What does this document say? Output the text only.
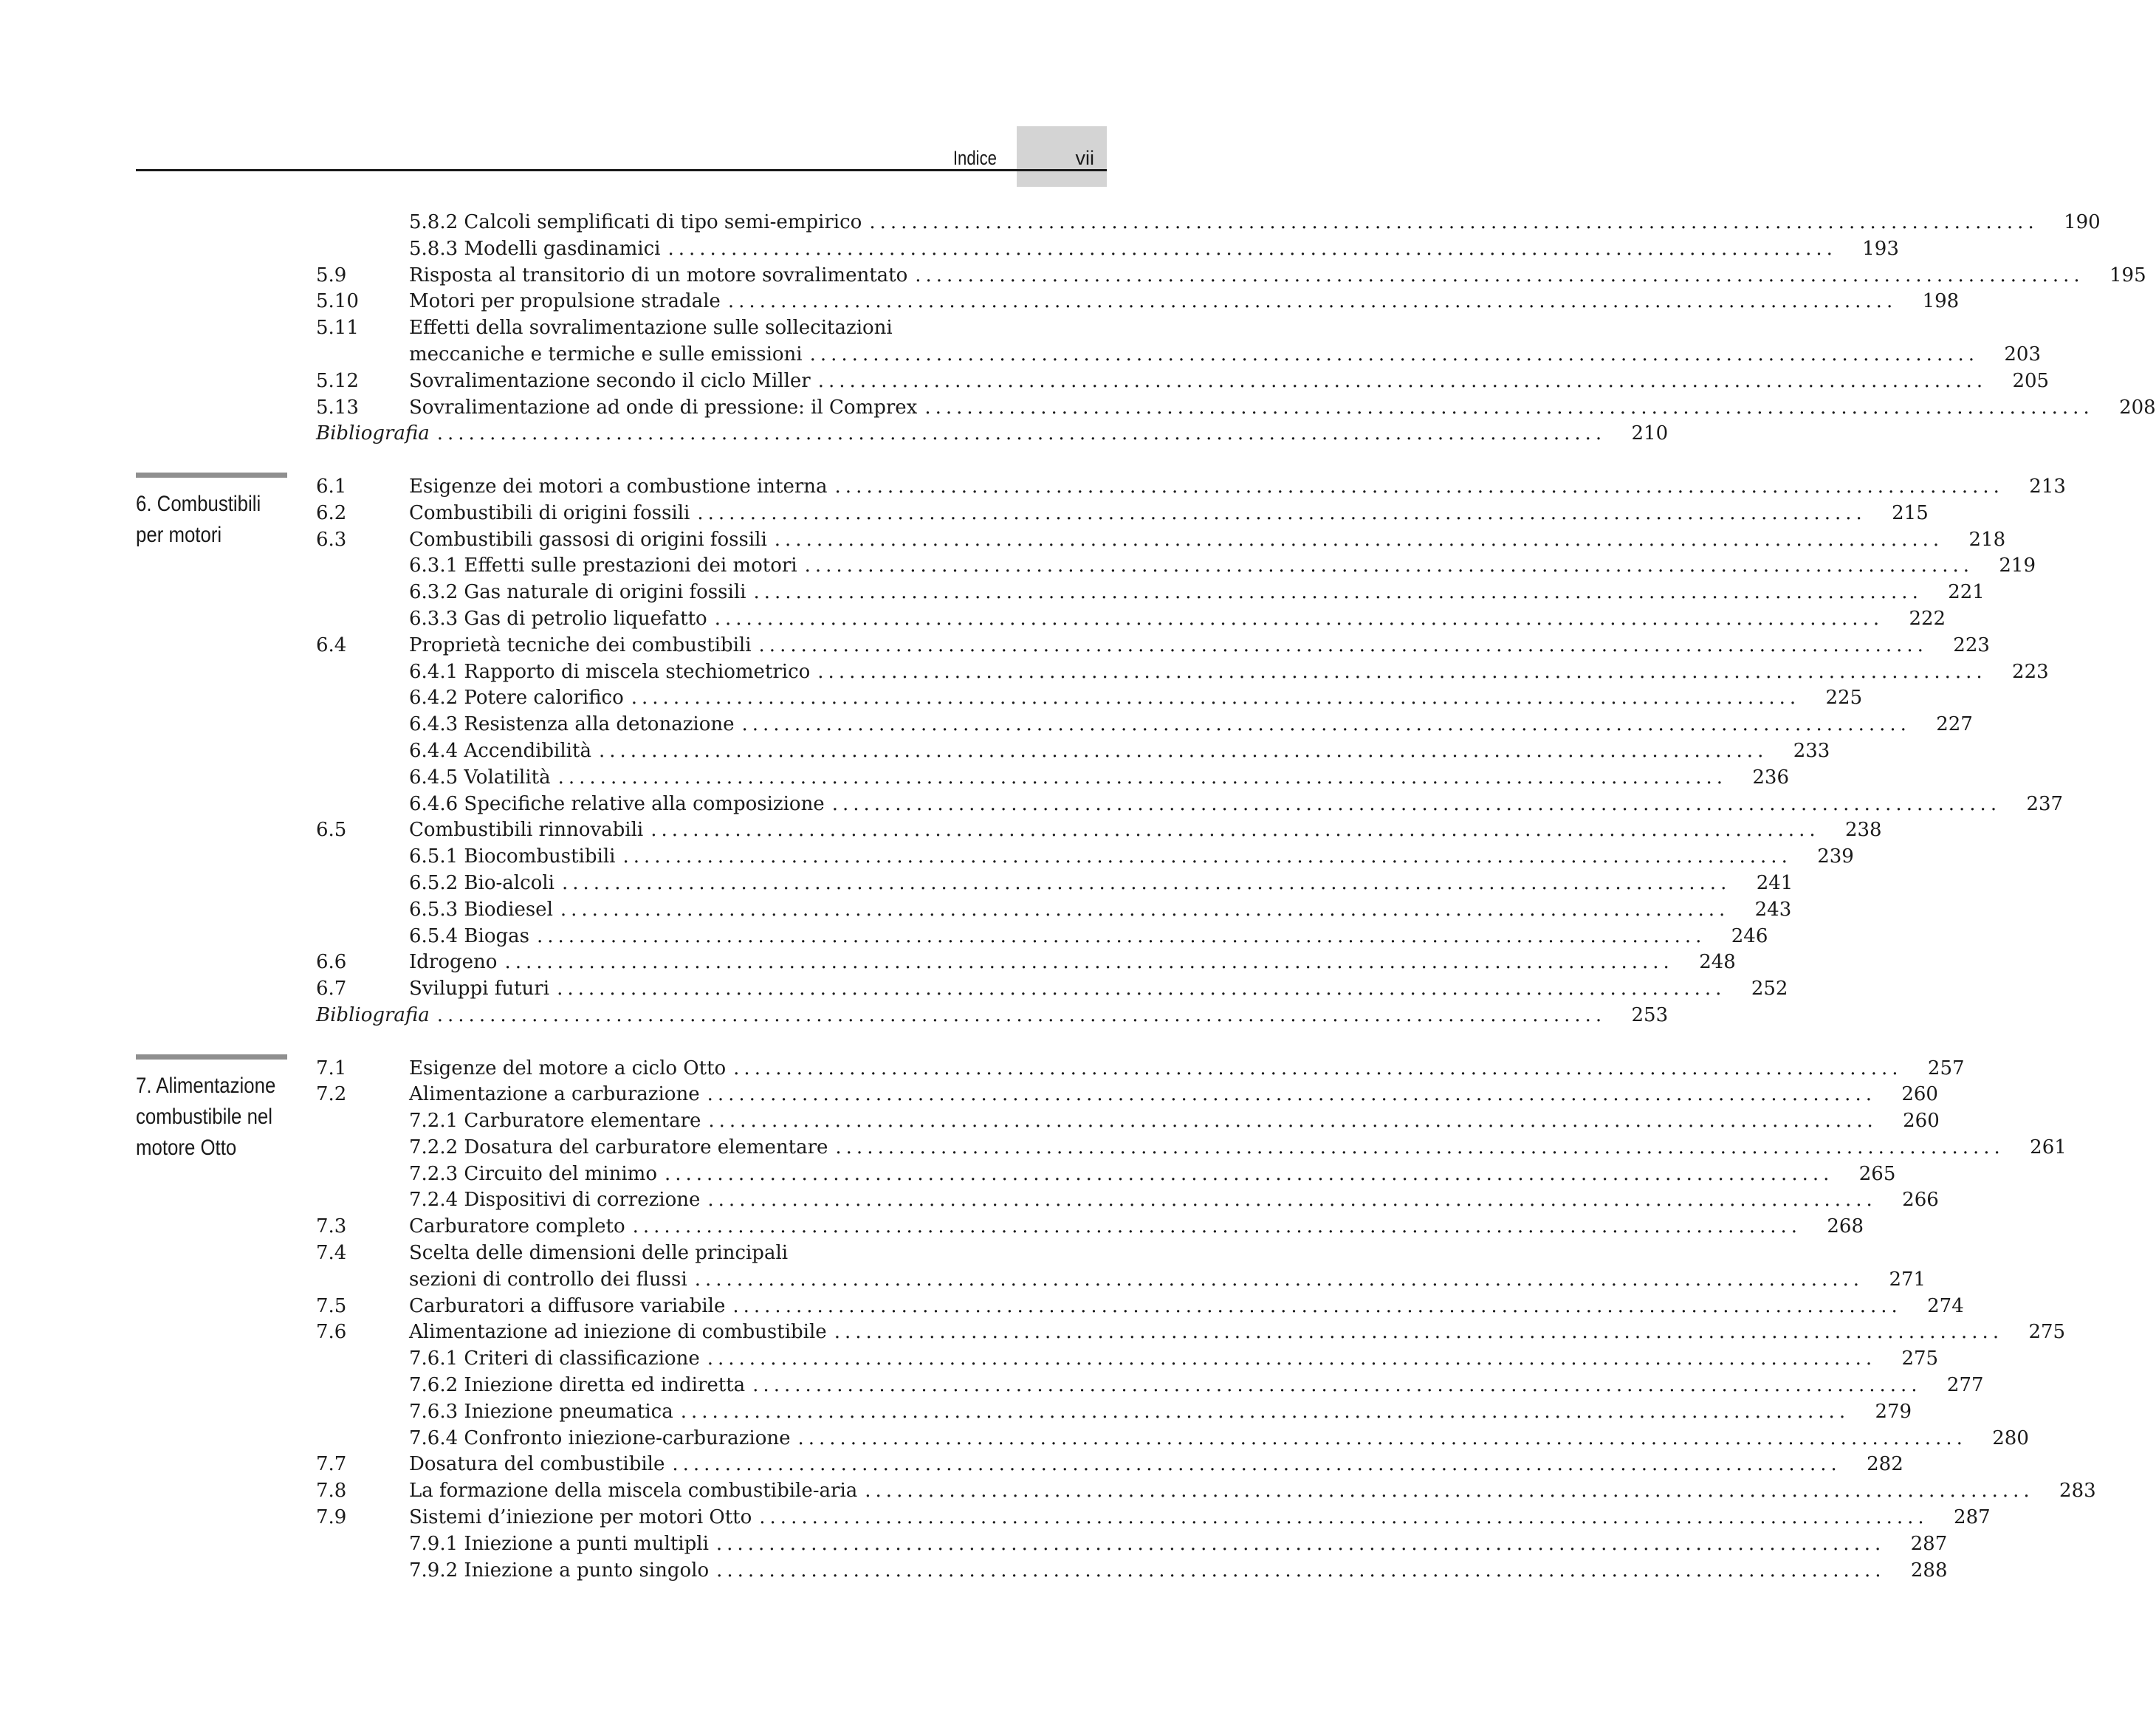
Indice	vii
6. Combustibili
per motori
7. Alimentazione
combustibile nel
motore Otto
5.8.2 Calcoli semplificati di tipo semi-empirico ...............................................................................................................	190
5.8.3 Modelli gasdinamici ...............................................................................................................	193
5.9	Risposta al transitorio di un motore sovralimentato ...............................................................................................................	195
5.10	Motori per propulsione stradale ...............................................................................................................	198
5.11	Effetti della sovralimentazione sulle sollecitazioni
meccaniche e termiche e sulle emissioni ...............................................................................................................	203
5.12	Sovralimentazione secondo il ciclo Miller ...............................................................................................................	205
5.13	Sovralimentazione ad onde di pressione: il Comprex ...............................................................................................................	208
Bibliografia ...............................................................................................................	210
6.1	Esigenze dei motori a combustione interna ...............................................................................................................	213
6.2	Combustibili di origini fossili ...............................................................................................................	215
6.3	Combustibili gassosi di origini fossili ...............................................................................................................	218
6.3.1 Effetti sulle prestazioni dei motori ...............................................................................................................	219
6.3.2 Gas naturale di origini fossili ...............................................................................................................	221
6.3.3 Gas di petrolio liquefatto ...............................................................................................................	222
6.4	Proprietà tecniche dei combustibili ...............................................................................................................	223
6.4.1 Rapporto di miscela stechiometrico ...............................................................................................................	223
6.4.2 Potere calorifico ...............................................................................................................	225
6.4.3 Resistenza alla detonazione ...............................................................................................................	227
6.4.4 Accendibilità ...............................................................................................................	233
6.4.5 Volatilità ...............................................................................................................	236
6.4.6 Specifiche relative alla composizione ...............................................................................................................	237
6.5	Combustibili rinnovabili ...............................................................................................................	238
6.5.1 Biocombustibili ...............................................................................................................	239
6.5.2 Bio-alcoli ...............................................................................................................	241
6.5.3 Biodiesel ...............................................................................................................	243
6.5.4 Biogas ...............................................................................................................	246
6.6	Idrogeno ...............................................................................................................	248
6.7	Sviluppi futuri ...............................................................................................................	252
Bibliografia ...............................................................................................................	253
7.1	Esigenze del motore a ciclo Otto ...............................................................................................................	257
7.2	Alimentazione a carburazione ...............................................................................................................	260
7.2.1 Carburatore elementare ...............................................................................................................	260
7.2.2 Dosatura del carburatore elementare ...............................................................................................................	261
7.2.3 Circuito del minimo ...............................................................................................................	265
7.2.4 Dispositivi di correzione ...............................................................................................................	266
7.3	Carburatore completo ...............................................................................................................	268
7.4	Scelta delle dimensioni delle principali
sezioni di controllo dei flussi ...............................................................................................................	271
7.5	Carburatori a diffusore variabile ...............................................................................................................	274
7.6	Alimentazione ad iniezione di combustibile ...............................................................................................................	275
7.6.1 Criteri di classificazione ...............................................................................................................	275
7.6.2 Iniezione diretta ed indiretta ...............................................................................................................	277
7.6.3 Iniezione pneumatica ...............................................................................................................	279
7.6.4 Confronto iniezione-carburazione ...............................................................................................................	280
7.7	Dosatura del combustibile ...............................................................................................................	282
7.8	La formazione della miscela combustibile-aria ...............................................................................................................	283
7.9	Sistemi d’iniezione per motori Otto ...............................................................................................................	287
7.9.1 Iniezione a punti multipli ...............................................................................................................	287
7.9.2 Iniezione a punto singolo ...............................................................................................................	288
